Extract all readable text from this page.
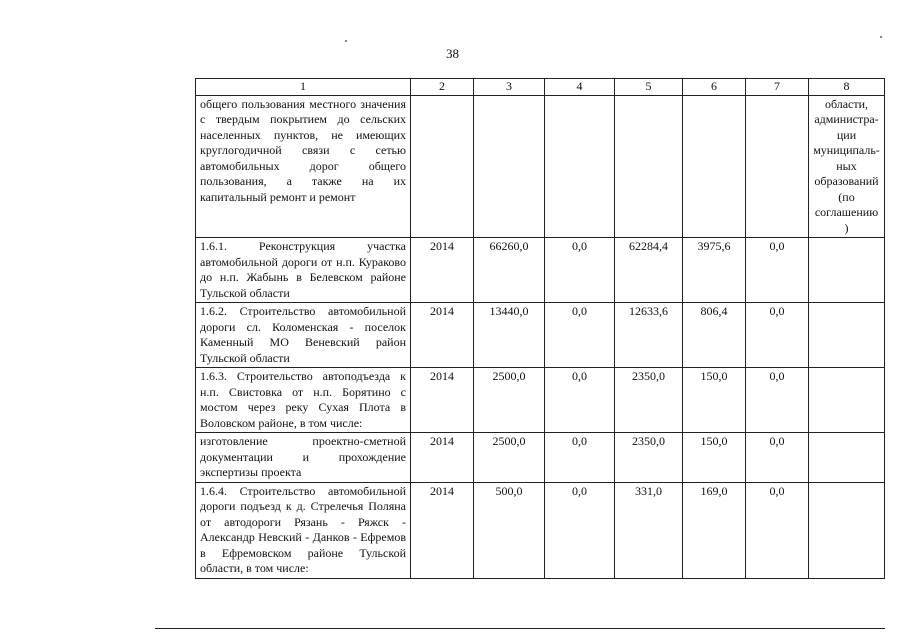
38
1	2	3	4	5	6	7	8
общего пользования местного значения с твердым покрытием до сельских населенных пунктов, не имеющих круглогодичной связи с сетью автомобильных дорог общего пользования, а также на их капитальный ремонт и ремонт							области, администра-ции муниципаль-ных образований (по соглашению)
1.6.1. Реконструкция участка автомобильной дороги от н.п. Кураково до н.п. Жабынь в Белевском районе Тульской области	2014	66260,0	0,0	62284,4	3975,6	0,0	
1.6.2. Строительство автомобильной дороги сл. Коломенская - поселок Каменный МО Веневский район Тульской области	2014	13440,0	0,0	12633,6	806,4	0,0	
1.6.3. Строительство автоподъезда к н.п. Свистовка от н.п. Борятино с мостом через реку Сухая Плота в Воловском районе, в том числе:	2014	2500,0	0,0	2350,0	150,0	0,0	
изготовление проектно-сметной документации и прохождение экспертизы проекта	2014	2500,0	0,0	2350,0	150,0	0,0	
1.6.4. Строительство автомобильной дороги подъезд к д. Стрелечья Поляна от автодороги Рязань - Ряжск - Александр Невский - Данков - Ефремов в Ефремовском районе Тульской области, в том числе:	2014	500,0	0,0	331,0	169,0	0,0	
